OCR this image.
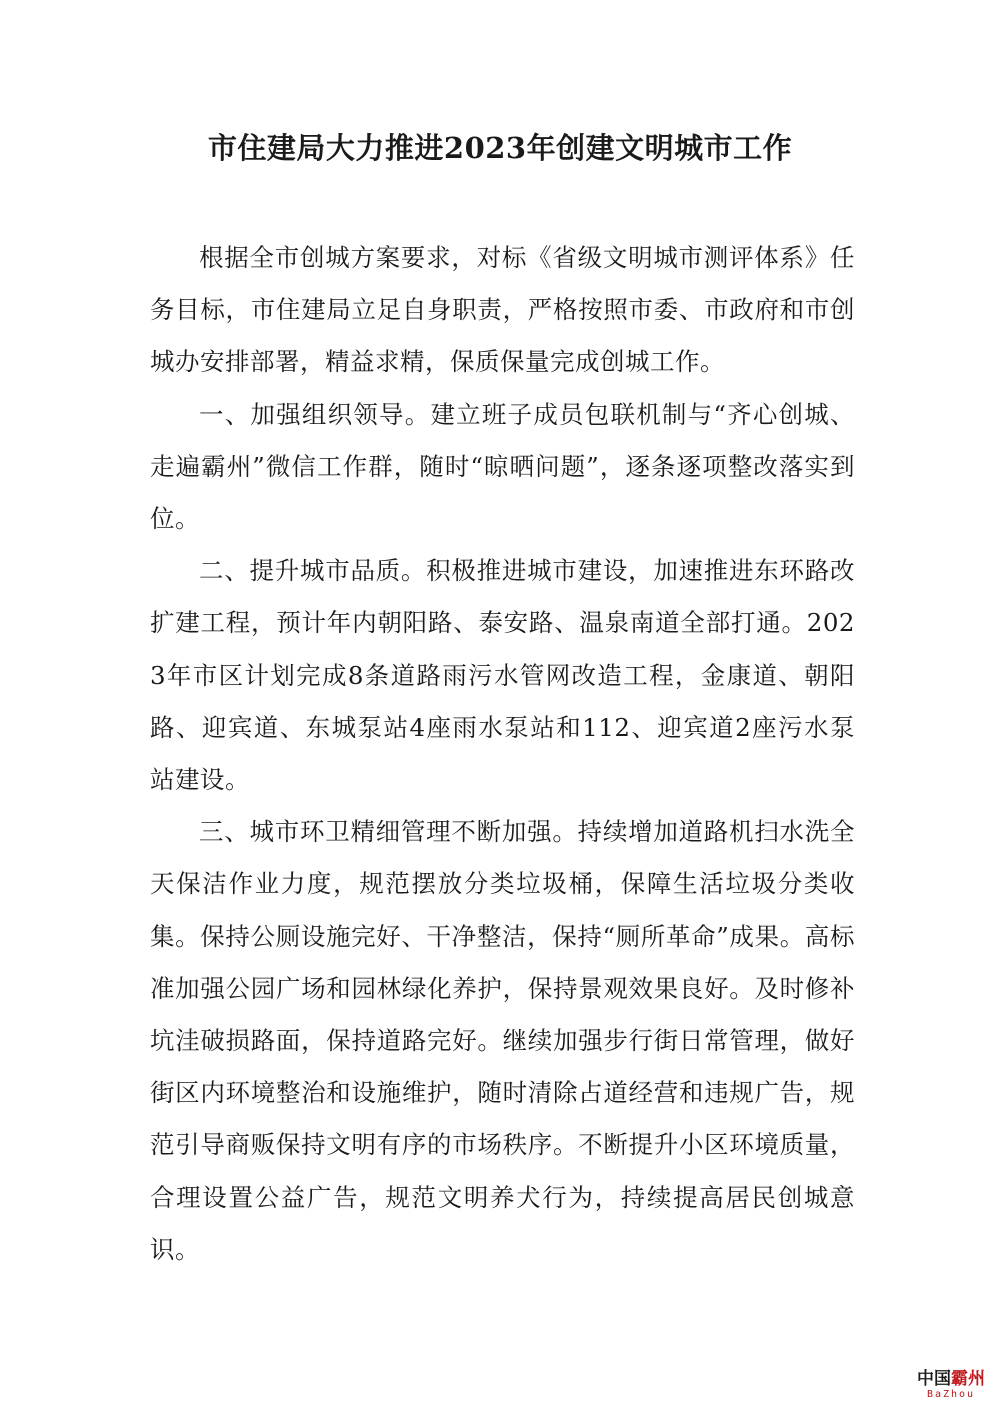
市住建局大力推进2023年创建文明城市工作

根据全市创城方案要求，对标《省级文明城市测评体系》任务目标，市住建局立足自身职责，严格按照市委、市政府和市创城办安排部署，精益求精，保质保量完成创城工作。

一、加强组织领导。建立班子成员包联机制与“齐心创城、走遍霸州”微信工作群，随时“晾晒问题”，逐条逐项整改落实到位。

二、提升城市品质。积极推进城市建设，加速推进东环路改扩建工程，预计年内朝阳路、泰安路、温泉南道全部打通。2023年市区计划完成8条道路雨污水管网改造工程，金康道、朝阳路、迎宾道、东城泵站4座雨水泵站和112、迎宾道2座污水泵站建设。

三、城市环卫精细管理不断加强。持续增加道路机扫水洗全天保洁作业力度，规范摆放分类垃圾桶，保障生活垃圾分类收集。保持公厕设施完好、干净整洁，保持“厕所革命”成果。高标准加强公园广场和园林绿化养护，保持景观效果良好。及时修补坑洼破损路面，保持道路完好。继续加强步行街日常管理，做好街区内环境整治和设施维护，随时清除占道经营和违规广告，规范引导商贩保持文明有序的市场秩序。不断提升小区环境质量，合理设置公益广告，规范文明养犬行为，持续提高居民创城意识。

中国霸州
BaZhou
